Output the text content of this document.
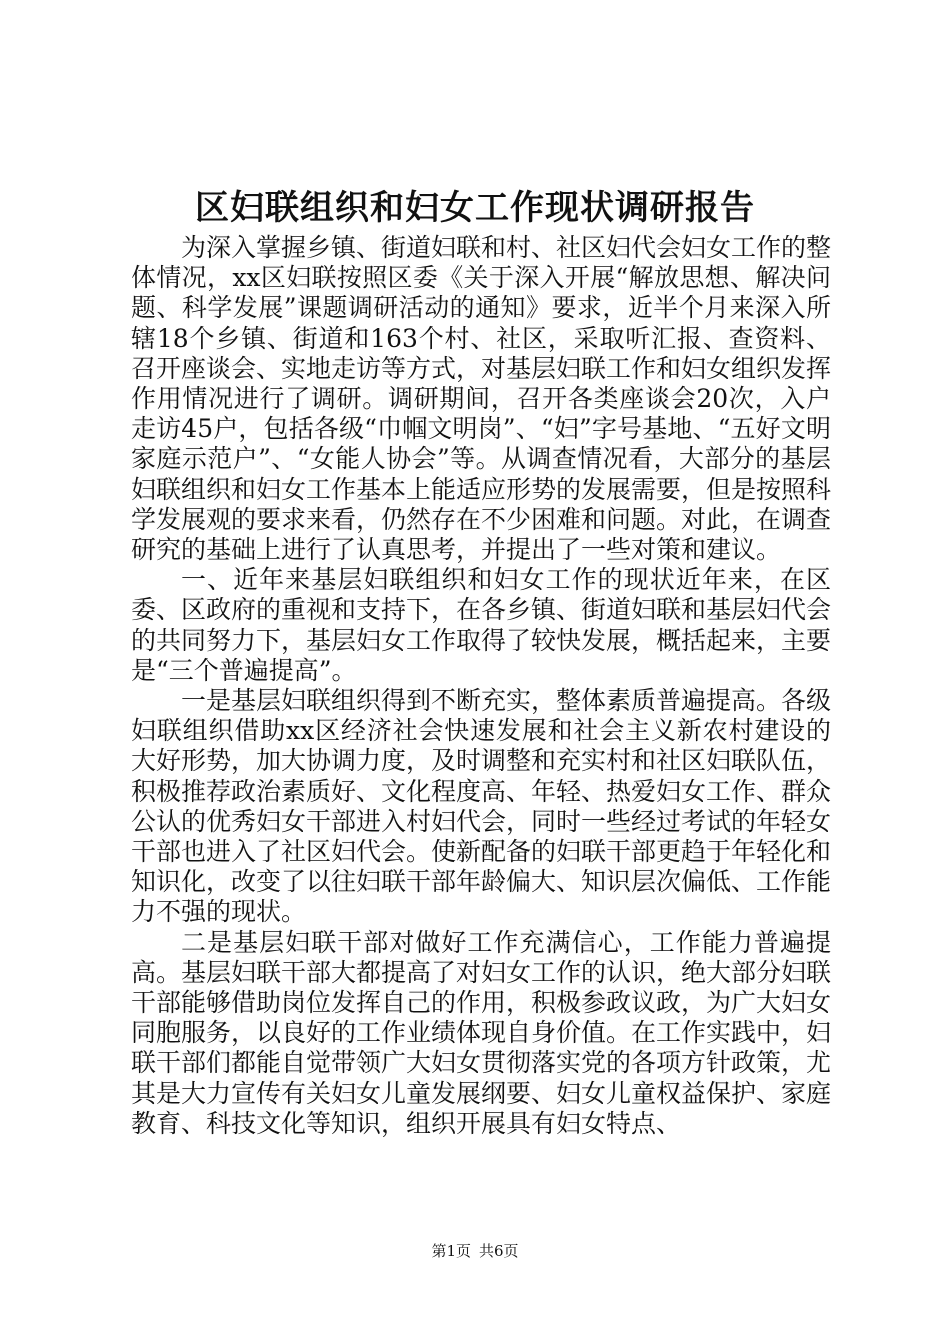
区妇联组织和妇女工作现状调研报告

为深入掌握乡镇、街道妇联和村、社区妇代会妇女工作的整体情况，xx区妇联按照区委《关于深入开展“解放思想、解决问题、科学发展”课题调研活动的通知》要求，近半个月来深入所辖18个乡镇、街道和163个村、社区，采取听汇报、查资料、召开座谈会、实地走访等方式，对基层妇联工作和妇女组织发挥作用情况进行了调研。调研期间，召开各类座谈会20次，入户走访45户，包括各级“巾帼文明岗”、“妇”字号基地、“五好文明家庭示范户”、“女能人协会”等。从调查情况看，大部分的基层妇联组织和妇女工作基本上能适应形势的发展需要，但是按照科学发展观的要求来看，仍然存在不少困难和问题。对此，在调查研究的基础上进行了认真思考，并提出了一些对策和建议。

一、近年来基层妇联组织和妇女工作的现状近年来，在区委、区政府的重视和支持下，在各乡镇、街道妇联和基层妇代会的共同努力下，基层妇女工作取得了较快发展，概括起来，主要是“三个普遍提高”。

一是基层妇联组织得到不断充实，整体素质普遍提高。各级妇联组织借助xx区经济社会快速发展和社会主义新农村建设的大好形势，加大协调力度，及时调整和充实村和社区妇联队伍，积极推荐政治素质好、文化程度高、年轻、热爱妇女工作、群众公认的优秀妇女干部进入村妇代会，同时一些经过考试的年轻女干部也进入了社区妇代会。使新配备的妇联干部更趋于年轻化和知识化，改变了以往妇联干部年龄偏大、知识层次偏低、工作能力不强的现状。

二是基层妇联干部对做好工作充满信心，工作能力普遍提高。基层妇联干部大都提高了对妇女工作的认识，绝大部分妇联干部能够借助岗位发挥自己的作用，积极参政议政，为广大妇女同胞服务，以良好的工作业绩体现自身价值。在工作实践中，妇联干部们都能自觉带领广大妇女贯彻落实党的各项方针政策，尤其是大力宣传有关妇女儿童发展纲要、妇女儿童权益保护、家庭教育、科技文化等知识，组织开展具有妇女特点、

第1页 共6页
